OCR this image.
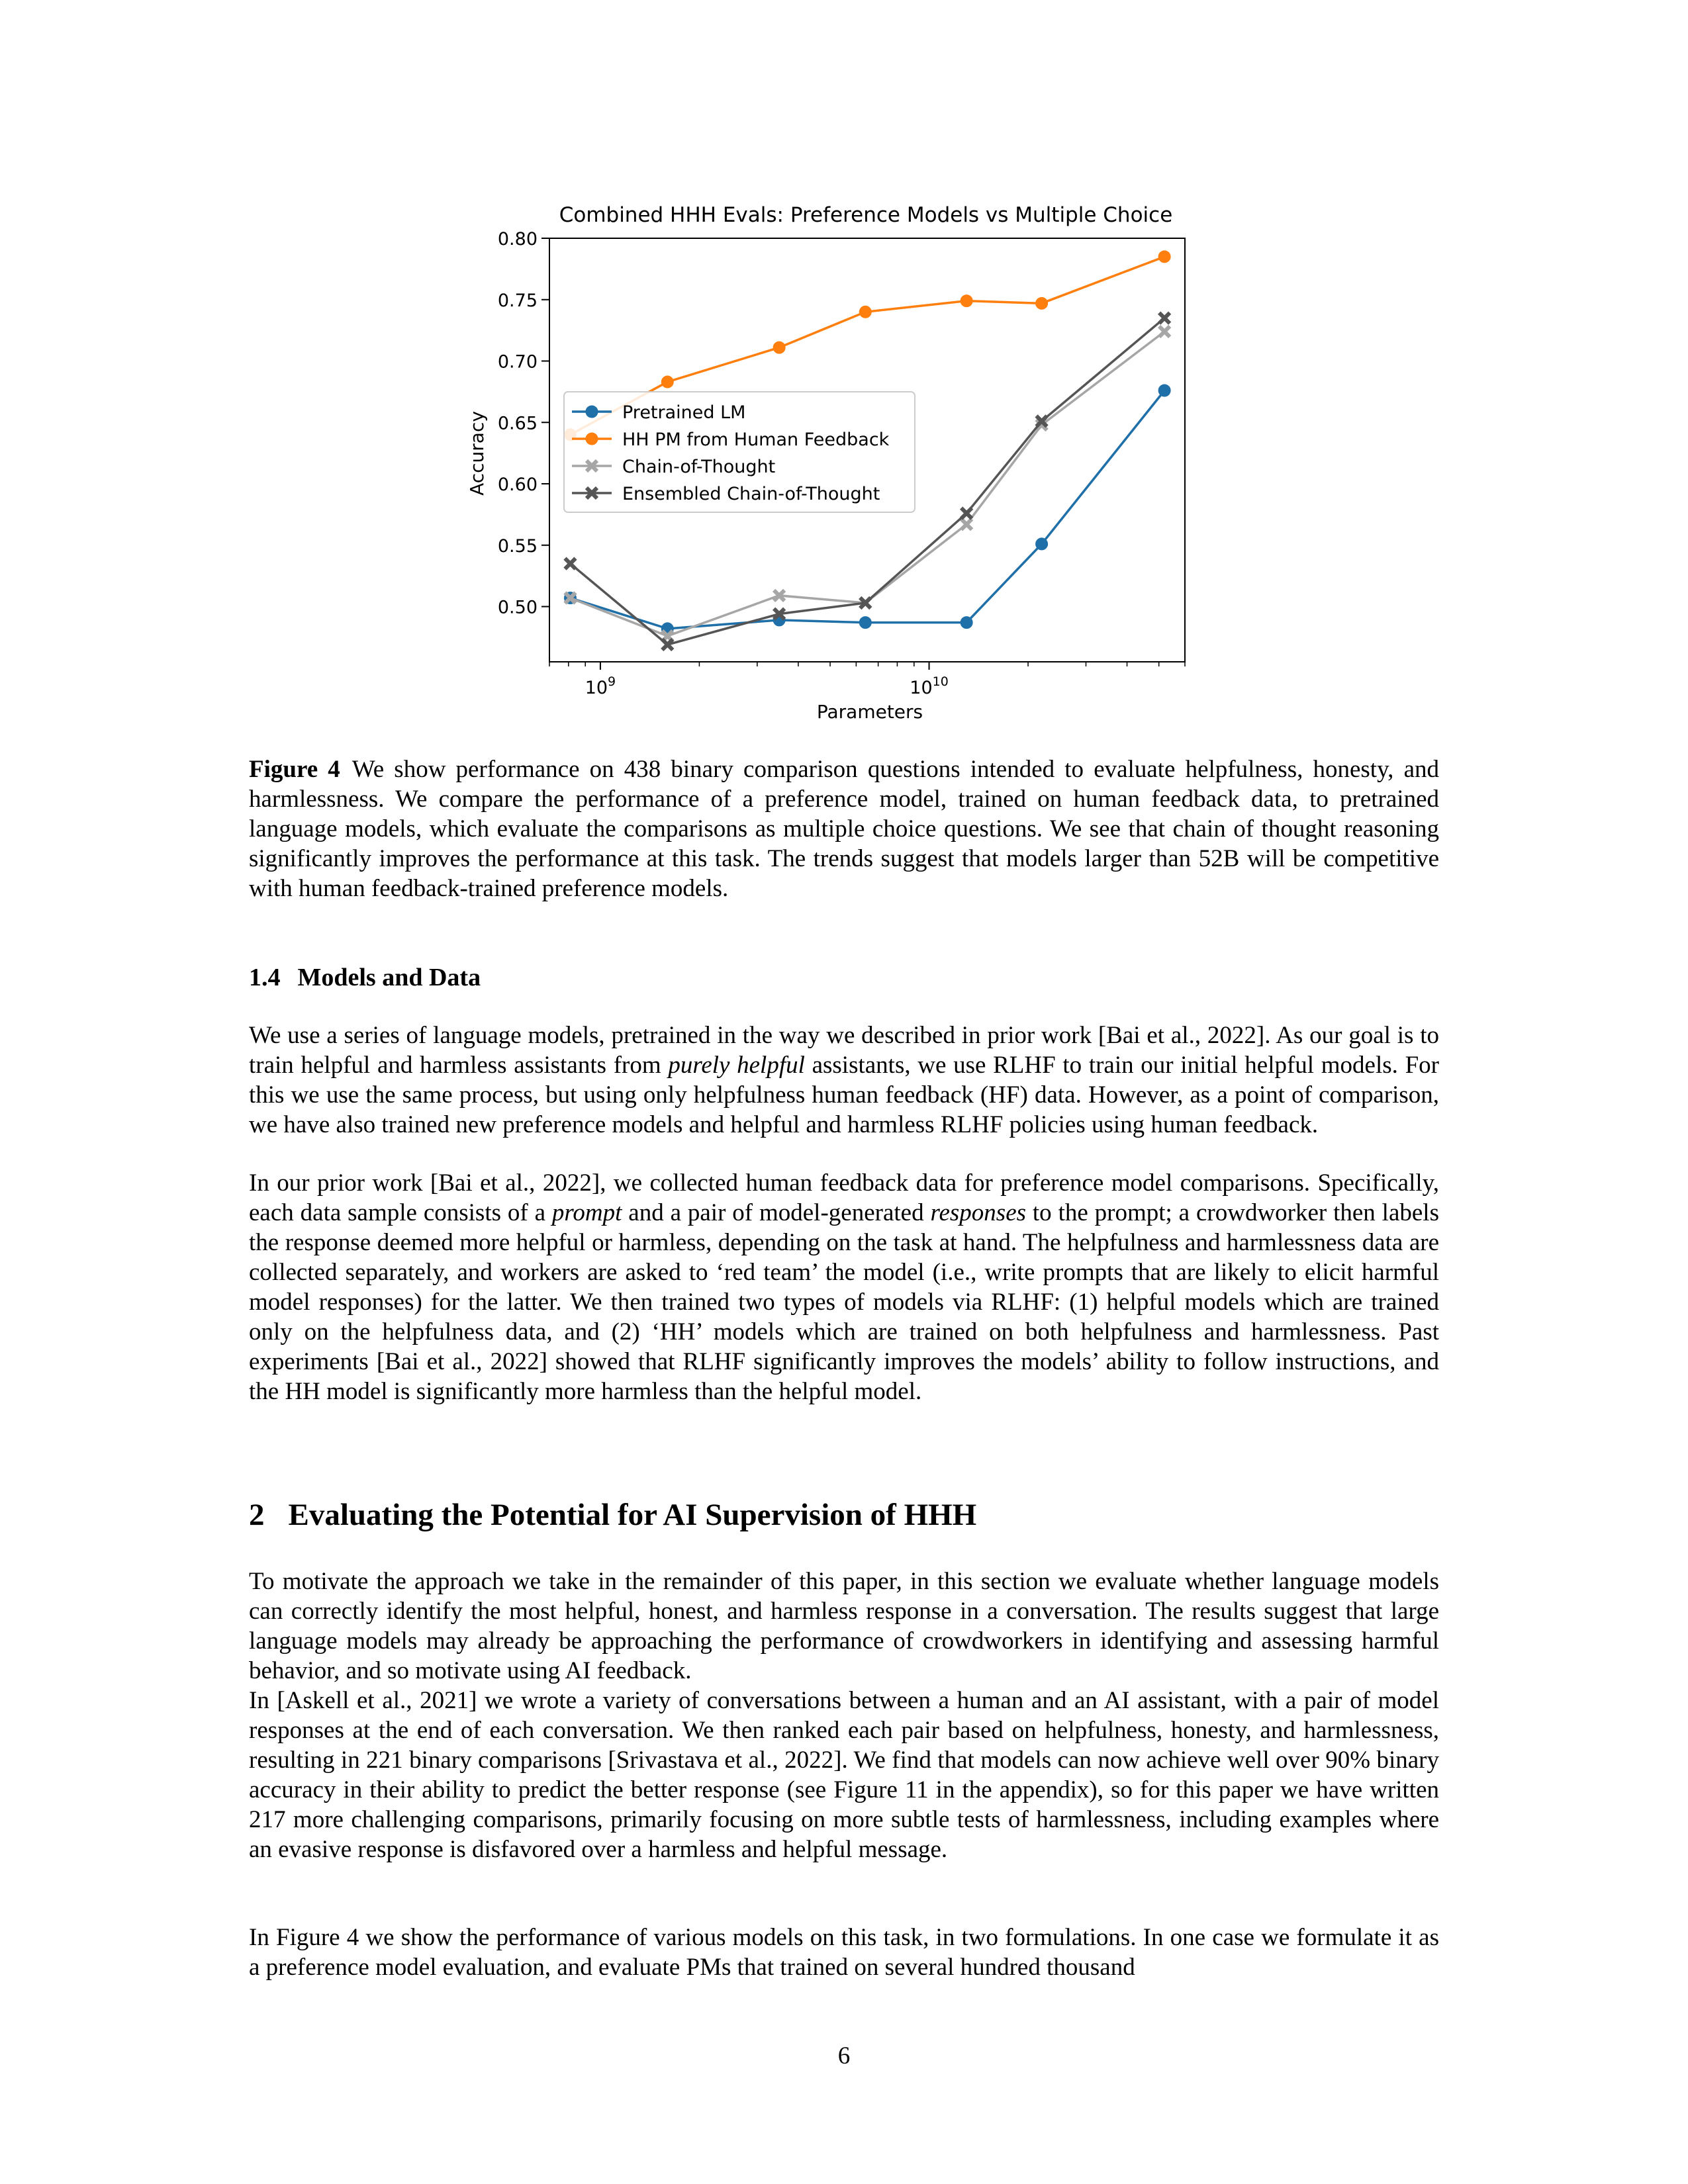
Combined HHH Evals: Preference Models vs Multiple Choice
0.50
0.55
0.60
0.65
0.70
0.75
0.80
$10^9$	$10^{10}$
Pretrained LM
HH PM from Human Feedback
Chain-of-Thought
Ensembled Chain-of-Thought
Parameters
Accuracy

Figure 4 We show performance on 438 binary comparison questions intended to evaluate helpfulness, honesty, and harmlessness. We compare the performance of a preference model, trained on human feedback data, to pretrained language models, which evaluate the comparisons as multiple choice questions. We see that chain of thought reasoning significantly improves the performance at this task. The trends suggest that models larger than 52B will be competitive with human feedback-trained preference models.

1.4 Models and Data

We use a series of language models, pretrained in the way we described in prior work [Bai et al., 2022]. As our goal is to train helpful and harmless assistants from purely helpful assistants, we use RLHF to train our initial helpful models. For this we use the same process, but using only helpfulness human feedback (HF) data. However, as a point of comparison, we have also trained new preference models and helpful and harmless RLHF policies using human feedback.

In our prior work [Bai et al., 2022], we collected human feedback data for preference model comparisons. Specifically, each data sample consists of a prompt and a pair of model-generated responses to the prompt; a crowdworker then labels the response deemed more helpful or harmless, depending on the task at hand. The helpfulness and harmlessness data are collected separately, and workers are asked to ‘red team’ the model (i.e., write prompts that are likely to elicit harmful model responses) for the latter. We then trained two types of models via RLHF: (1) helpful models which are trained only on the helpfulness data, and (2) ‘HH’ models which are trained on both helpfulness and harmlessness. Past experiments [Bai et al., 2022] showed that RLHF significantly improves the models’ ability to follow instructions, and the HH model is significantly more harmless than the helpful model.

2 Evaluating the Potential for AI Supervision of HHH

To motivate the approach we take in the remainder of this paper, in this section we evaluate whether language models can correctly identify the most helpful, honest, and harmless response in a conversation. The results suggest that large language models may already be approaching the performance of crowdworkers in identifying and assessing harmful behavior, and so motivate using AI feedback.

In [Askell et al., 2021] we wrote a variety of conversations between a human and an AI assistant, with a pair of model responses at the end of each conversation. We then ranked each pair based on helpfulness, honesty, and harmlessness, resulting in 221 binary comparisons [Srivastava et al., 2022]. We find that models can now achieve well over 90% binary accuracy in their ability to predict the better response (see Figure 11 in the appendix), so for this paper we have written 217 more challenging comparisons, primarily focusing on more subtle tests of harmlessness, including examples where an evasive response is disfavored over a harmless and helpful message.

In Figure 4 we show the performance of various models on this task, in two formulations. In one case we formulate it as a preference model evaluation, and evaluate PMs that trained on several hundred thousand

6
